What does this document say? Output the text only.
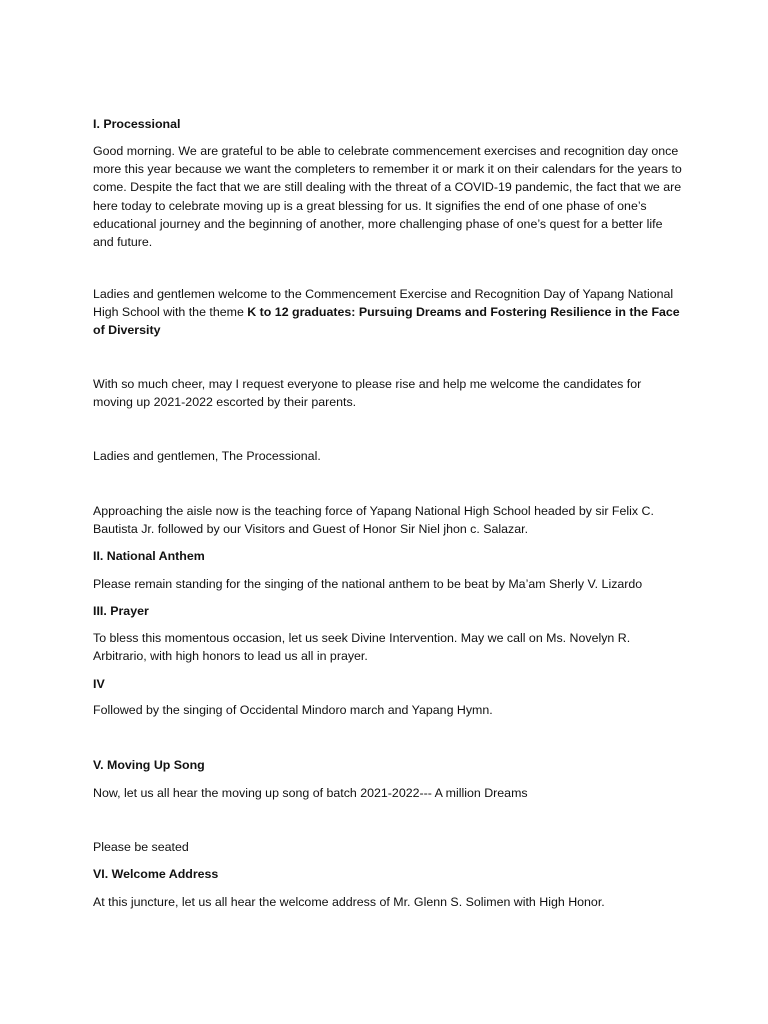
I. Processional

Good morning. We are grateful to be able to celebrate commencement exercises and recognition day once more this year because we want the completers to remember it or mark it on their calendars for the years to come. Despite the fact that we are still dealing with the threat of a COVID-19 pandemic, the fact that we are here today to celebrate moving up is a great blessing for us. It signifies the end of one phase of one’s educational journey and the beginning of another, more challenging phase of one’s quest for a better life and future.

Ladies and gentlemen welcome to the Commencement Exercise and Recognition Day of Yapang National High School with the theme K to 12 graduates: Pursuing Dreams and Fostering Resilience in the Face of Diversity

With so much cheer, may I request everyone to please rise and help me welcome the candidates for moving up 2021-2022 escorted by their parents.

Ladies and gentlemen, The Processional.

Approaching the aisle now is the teaching force of Yapang National High School headed by sir Felix C. Bautista Jr. followed by our Visitors and Guest of Honor Sir Niel jhon c. Salazar.

II. National Anthem

Please remain standing for the singing of the national anthem to be beat by Ma’am Sherly V. Lizardo

III. Prayer

To bless this momentous occasion, let us seek Divine Intervention. May we call on Ms. Novelyn R. Arbitrario, with high honors to lead us all in prayer.

IV

Followed by the singing of Occidental Mindoro march and Yapang Hymn.

V. Moving Up Song

Now, let us all hear the moving up song of batch 2021-2022--- A million Dreams

Please be seated

VI. Welcome Address

At this juncture, let us all hear the welcome address of Mr. Glenn S. Solimen with High Honor.
